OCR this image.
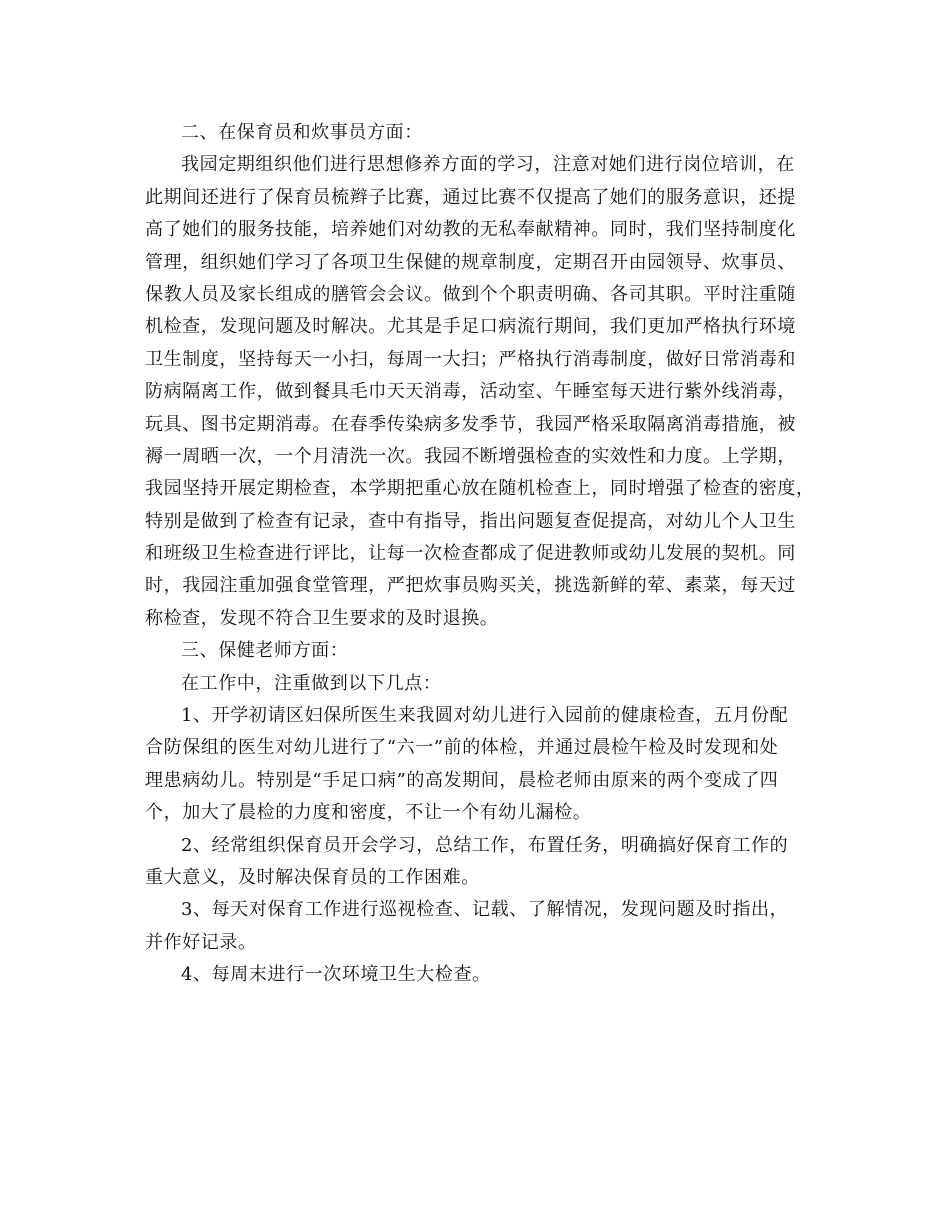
二、在保育员和炊事员方面：
我园定期组织他们进行思想修养方面的学习，注意对她们进行岗位培训，在
此期间还进行了保育员梳辫子比赛，通过比赛不仅提高了她们的服务意识，还提
高了她们的服务技能，培养她们对幼教的无私奉献精神。同时，我们坚持制度化
管理，组织她们学习了各项卫生保健的规章制度，定期召开由园领导、炊事员、
保教人员及家长组成的膳管会会议。做到个个职责明确、各司其职。平时注重随
机检查，发现问题及时解决。尤其是手足口病流行期间，我们更加严格执行环境
卫生制度，坚持每天一小扫，每周一大扫；严格执行消毒制度，做好日常消毒和
防病隔离工作，做到餐具毛巾天天消毒，活动室、午睡室每天进行紫外线消毒，
玩具、图书定期消毒。在春季传染病多发季节，我园严格采取隔离消毒措施，被
褥一周晒一次，一个月清洗一次。我园不断增强检查的实效性和力度。上学期，
我园坚持开展定期检查，本学期把重心放在随机检查上，同时增强了检查的密度，
特别是做到了检查有记录，查中有指导，指出问题复查促提高，对幼儿个人卫生
和班级卫生检查进行评比，让每一次检查都成了促进教师或幼儿发展的契机。同
时，我园注重加强食堂管理，严把炊事员购买关，挑选新鲜的荤、素菜，每天过
称检查，发现不符合卫生要求的及时退换。
三、保健老师方面：
在工作中，注重做到以下几点：
1、开学初请区妇保所医生来我圆对幼儿进行入园前的健康检查，五月份配
合防保组的医生对幼儿进行了“六一”前的体检，并通过晨检午检及时发现和处
理患病幼儿。特别是“手足口病”的高发期间，晨检老师由原来的两个变成了四
个，加大了晨检的力度和密度，不让一个有幼儿漏检。
2、经常组织保育员开会学习，总结工作，布置任务，明确搞好保育工作的
重大意义，及时解决保育员的工作困难。
3、每天对保育工作进行巡视检查、记载、了解情况，发现问题及时指出，
并作好记录。
4、每周末进行一次环境卫生大检查。
